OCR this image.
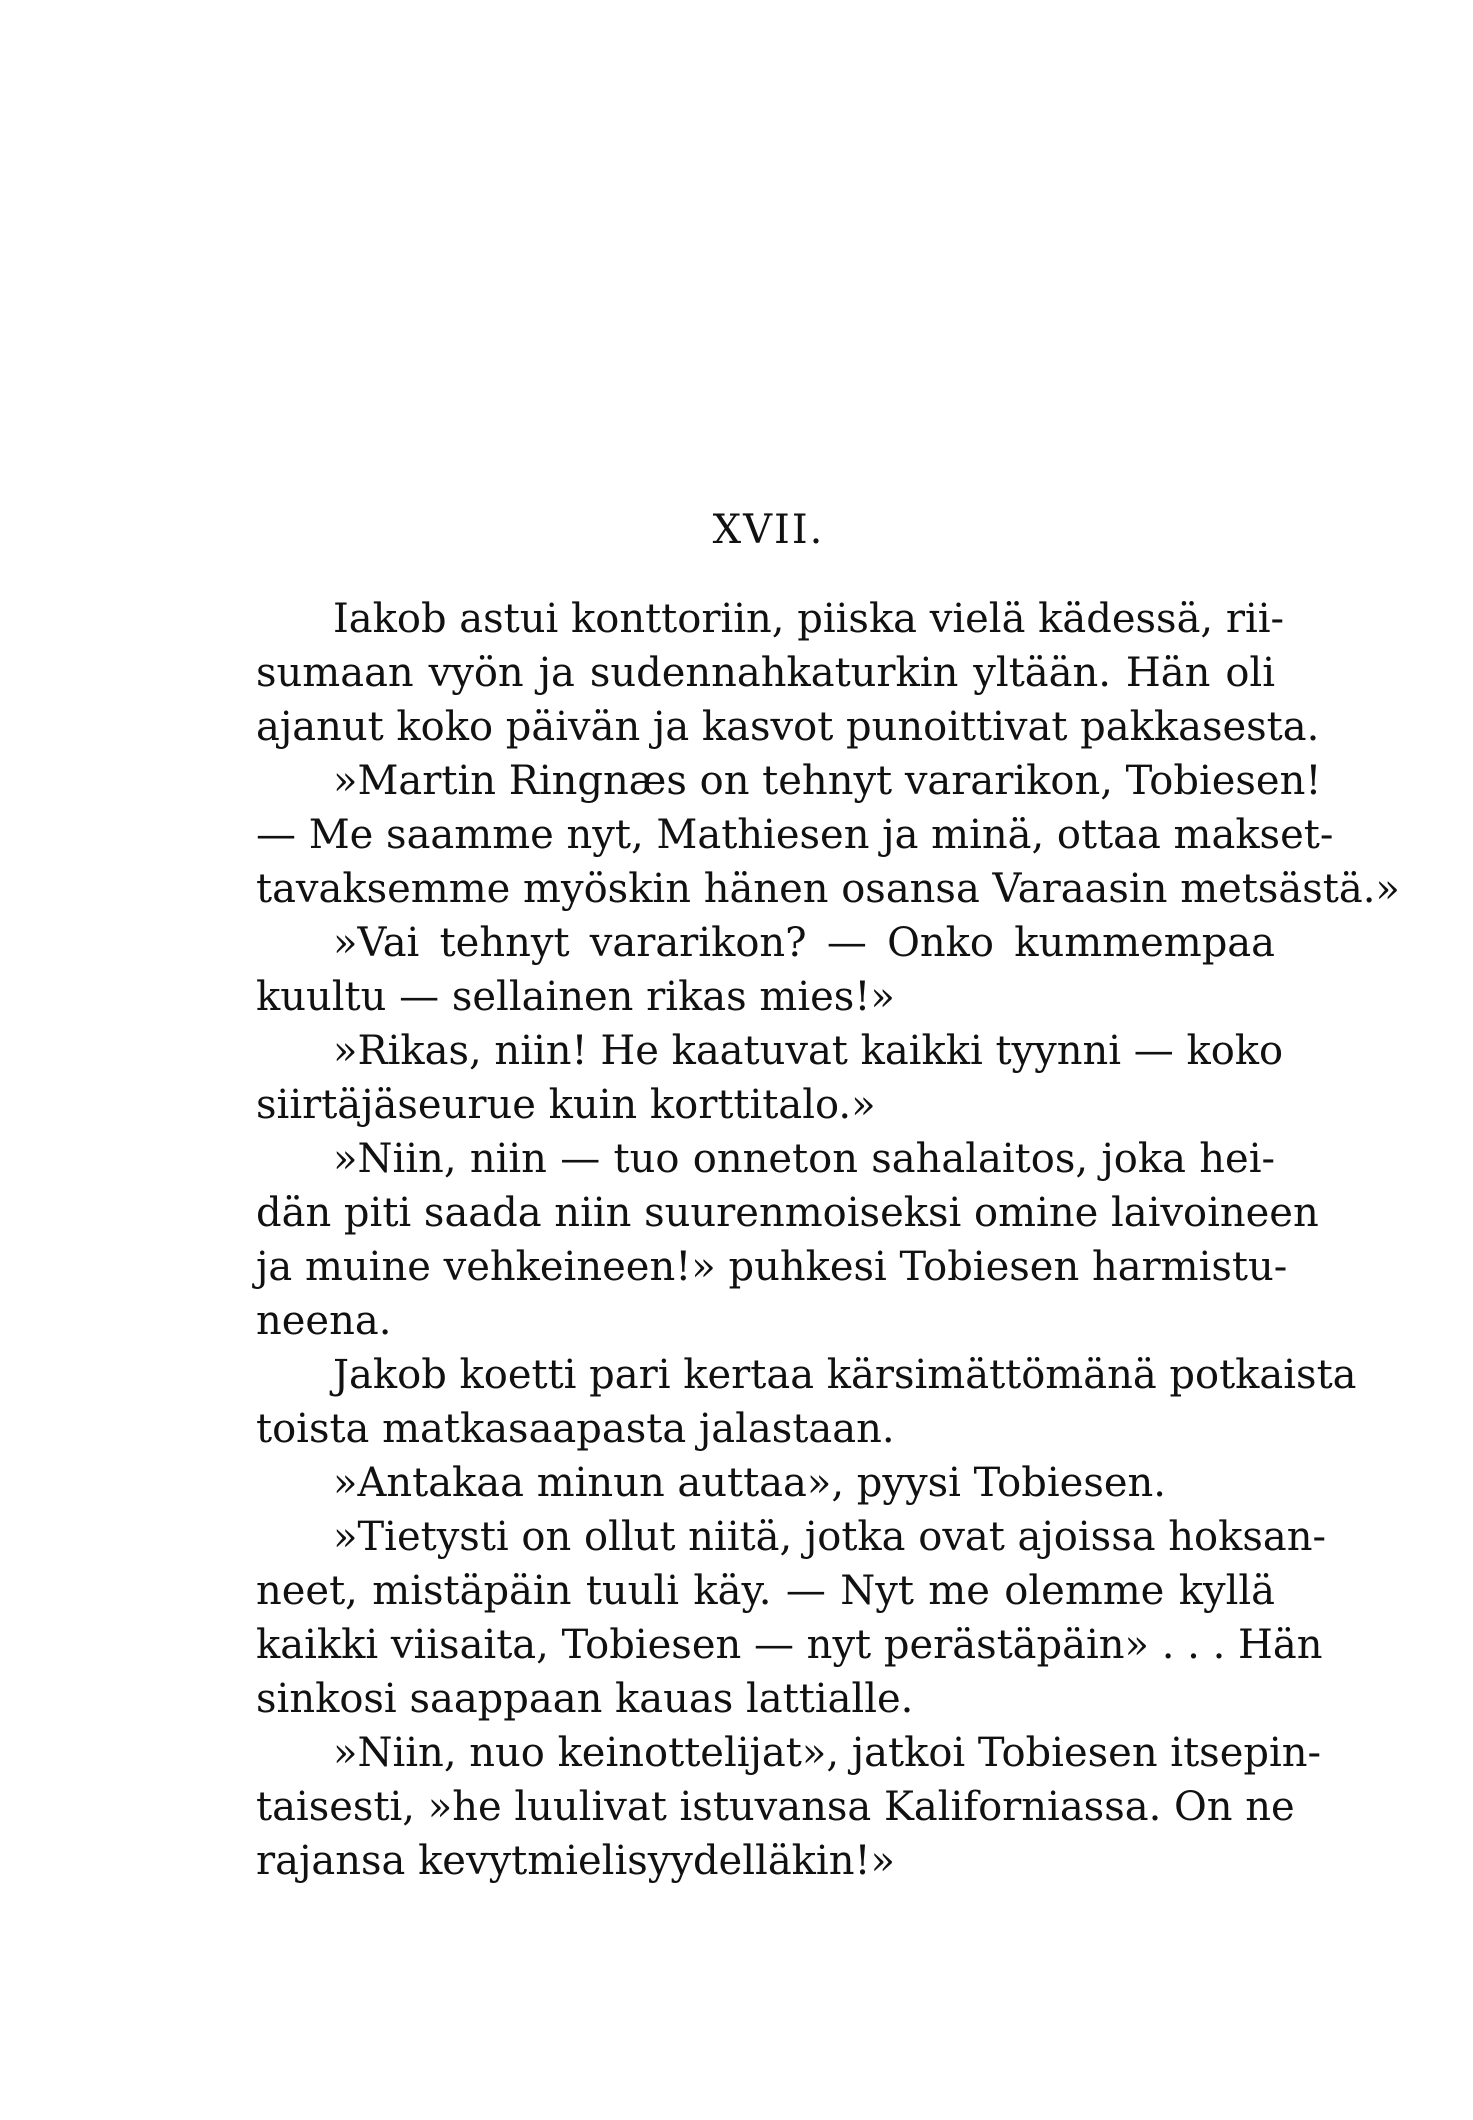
XVII.
Iakob astui konttoriin, piiska vielä kädessä, rii-
sumaan vyön ja sudennahkaturkin yltään. Hän oli
ajanut koko päivän ja kasvot punoittivat pakkasesta.
»Martin Ringnæs on tehnyt vararikon, Tobiesen!
— Me saamme nyt, Mathiesen ja minä, ottaa makset-
tavaksemme myöskin hänen osansa Varaasin metsästä.»
»Vai tehnyt vararikon? — Onko kummempaa
kuultu — sellainen rikas mies!»
»Rikas, niin! He kaatuvat kaikki tyynni — koko
siirtäjäseurue kuin korttitalo.»
»Niin, niin — tuo onneton sahalaitos, joka hei-
dän piti saada niin suurenmoiseksi omine laivoineen
ja muine vehkeineen!» puhkesi Tobiesen harmistu-
neena.
Jakob koetti pari kertaa kärsimättömänä potkaista
toista matkasaapasta jalastaan.
»Antakaa minun auttaa», pyysi Tobiesen.
»Tietysti on ollut niitä, jotka ovat ajoissa hoksan-
neet, mistäpäin tuuli käy. — Nyt me olemme kyllä
kaikki viisaita, Tobiesen — nyt perästäpäin» . . . Hän
sinkosi saappaan kauas lattialle.
»Niin, nuo keinottelijat», jatkoi Tobiesen itsepin-
taisesti, »he luulivat istuvansa Kaliforniassa. On ne
rajansa kevytmielisyydelläkin!»
